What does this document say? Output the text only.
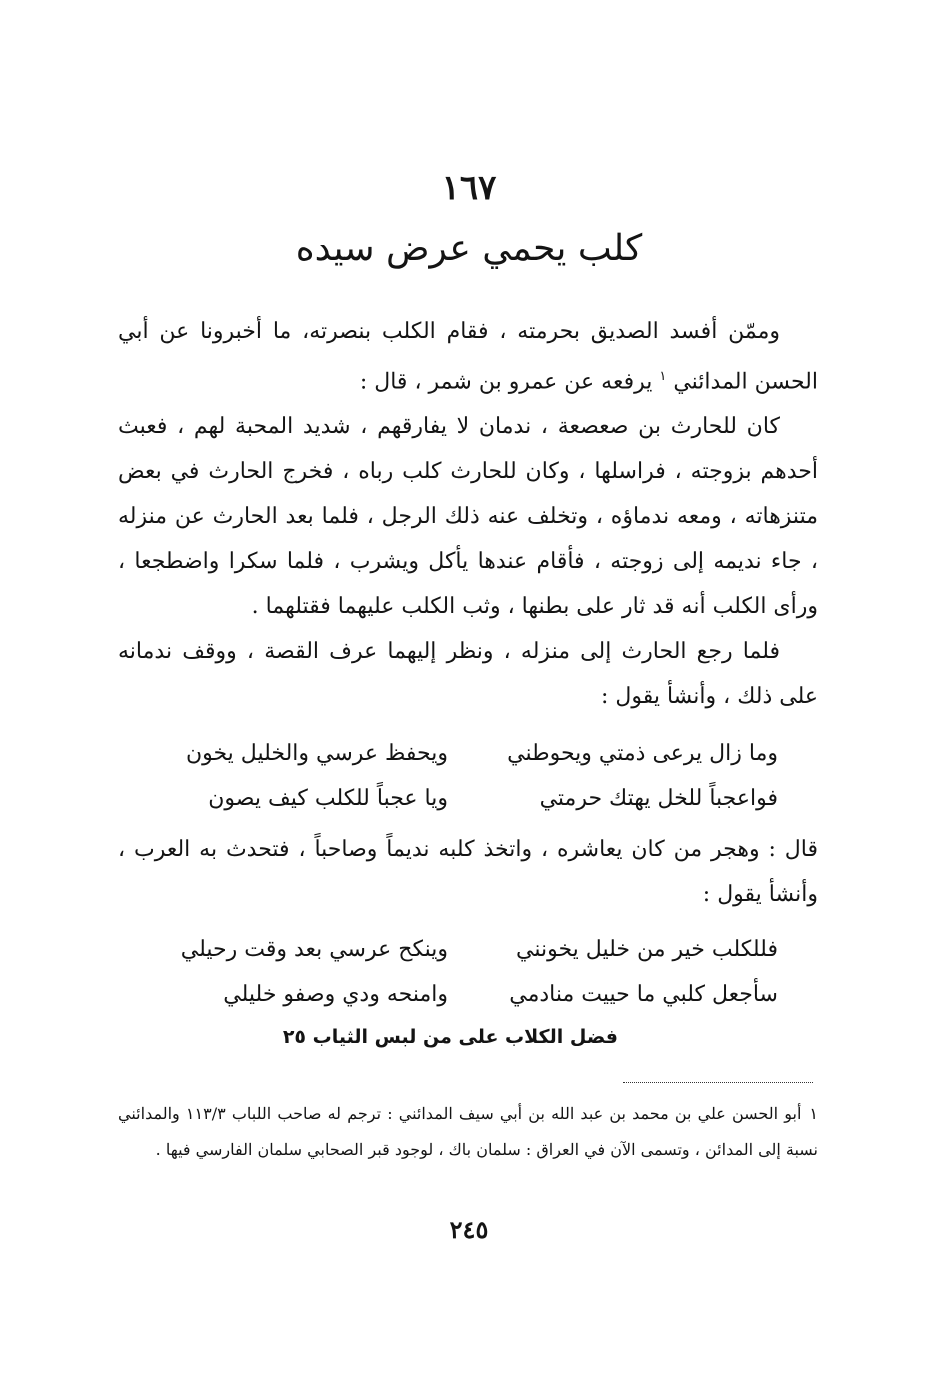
١٦٧
كلب يحمي عرض سيده

وممّن أفسد الصديق بحرمته ، فقام الكلب بنصرته، ما أخبرونا عن أبي الحسن المدائني $^١$ يرفعه عن عمرو بن شمر ، قال :

كان للحارث بن صعصعة ، ندمان لا يفارقهم ، شديد المحبة لهم ، فعبث أحدهم بزوجته ، فراسلها ، وكان للحارث كلب رباه ، فخرج الحارث في بعض متنزهاته ، ومعه ندماؤه ، وتخلف عنه ذلك الرجل ، فلما بعد الحارث عن منزله ، جاء نديمه إلى زوجته ، فأقام عندها يأكل ويشرب ، فلما سكرا واضطجعا ، ورأى الكلب أنه قد ثار على بطنها ، وثب الكلب عليهما فقتلهما .

فلما رجع الحارث إلى منزله ، ونظر إليهما عرف القصة ، ووقف ندمانه على ذلك ، وأنشأ يقول :

وما زال يرعى ذمتي ويحوطني
ويحفظ عرسي والخليل يخون
فواعجباً للخل يهتك حرمتي
ويا عجباً للكلب كيف يصون

قال : وهجر من كان يعاشره ، واتخذ كلبه نديماً وصاحباً ، فتحدث به العرب ، وأنشأ يقول :

فللكلب خير من خليل يخونني
وينكح عرسي بعد وقت رحيلي
سأجعل كلبي ما حييت منادمي
وامنحه ودي وصفو خليلي
فضل الكلاب على من لبس الثياب ٢٥
١أبو الحسن علي بن محمد بن عبد الله بن أبي سيف المدائني : ترجم له صاحب اللباب ١١٣/٣ والمدائني نسبة إلى المدائن ، وتسمى الآن في العراق : سلمان باك ، لوجود قبر الصحابي سلمان الفارسي فيها .
٢٤٥
